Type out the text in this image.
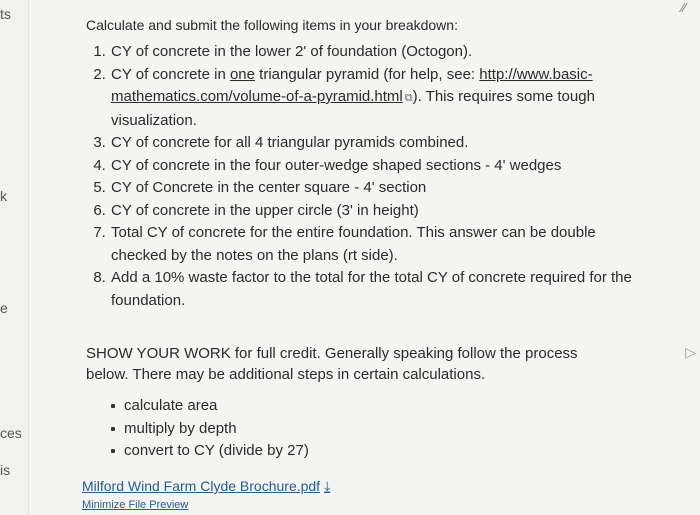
ts
k
e
ces
is
⁄⁄
▷
Calculate and submit the following items in your breakdown:
1. CY of concrete in the lower 2' of foundation (Octogon).
2. CY of concrete in one triangular pyramid (for help, see: http://www.basic-mathematics.com/volume-of-a-pyramid.html ⧉). This requires some tough visualization.
3. CY of concrete for all 4 triangular pyramids combined.
4. CY of concrete in the four outer-wedge shaped sections - 4' wedges
5. CY of Concrete in the center square - 4' section
6. CY of concrete in the upper circle (3' in height)
7. Total CY of concrete for the entire foundation. This answer can be double checked by the notes on the plans (rt side).
8. Add a 10% waste factor to the total for the total CY of concrete required for the foundation.
SHOW YOUR WORK for full credit. Generally speaking follow the process below. There may be additional steps in certain calculations.
calculate area
multiply by depth
convert to CY (divide by 27)
Milford Wind Farm Clyde Brochure.pdf ⤓
Minimize File Preview
